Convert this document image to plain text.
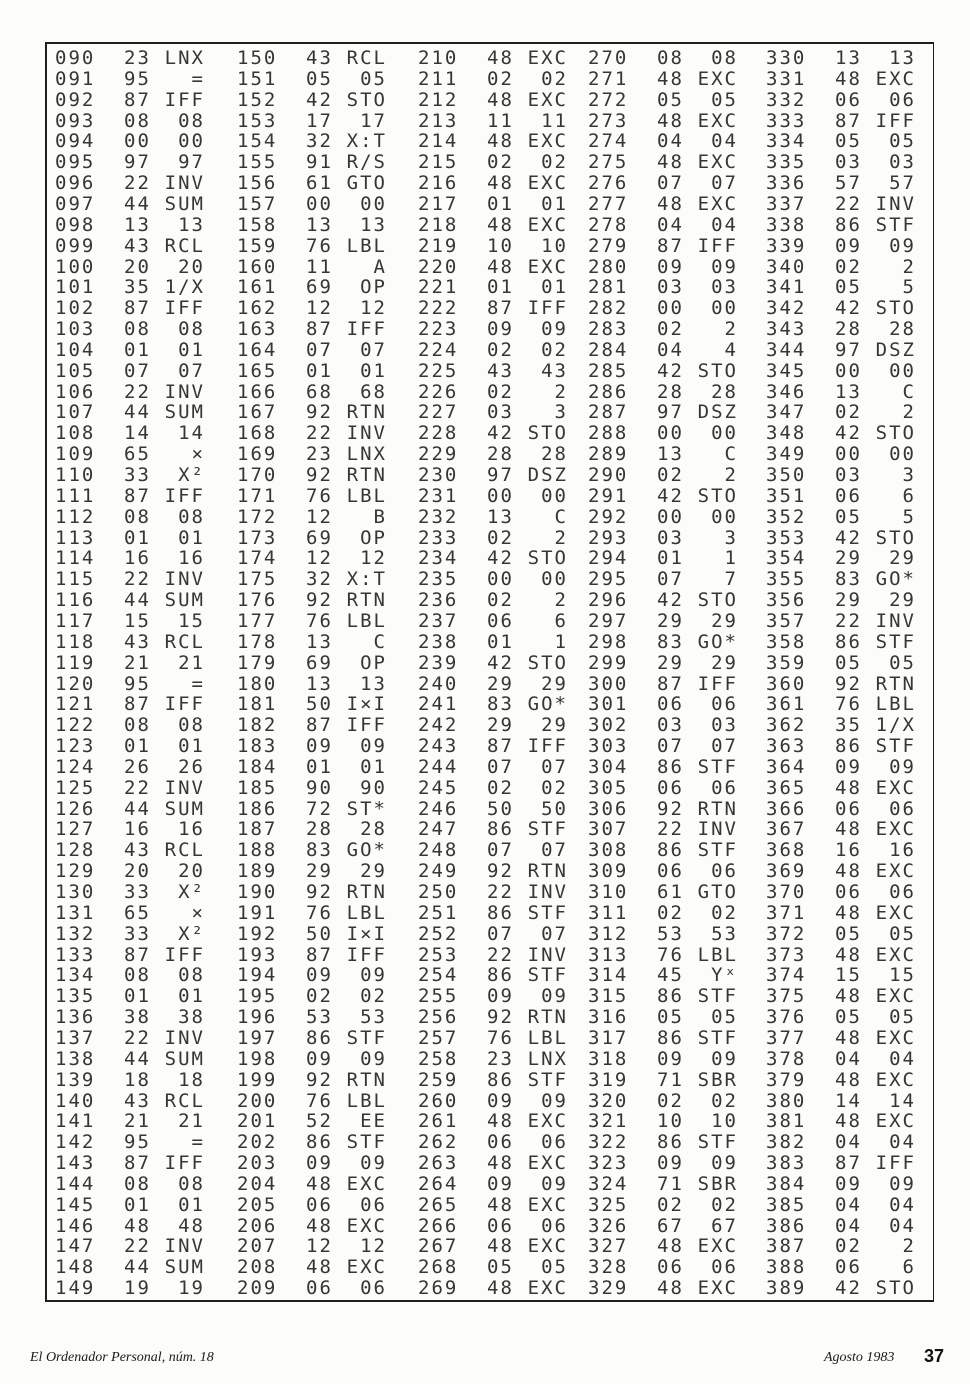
090 23 LNX
091 95	=
092 87 IFF
093 08	08
094 00	00
095 97	97
096 22 INV
097 44 SUM
098 13	13
099 43 RCL
100 20	20
101 35 1/X
102 87 IFF
103 08	08
104 01	01
105 07	07
106 22 INV
107 44 SUM
108 14	14
109 65	×
110 33	X²
111 87 IFF
112 08	08
113 01	01
114 16	16
115 22 INV
116 44 SUM
117 15	15
118 43 RCL
119 21	21
120 95	=
121 87 IFF
122 08	08
123 01	01
124 26	26
125 22 INV
126 44 SUM
127 16	16
128 43 RCL
129 20	20
130 33	X²
131 65	×
132 33	X²
133 87 IFF
134 08	08
135 01	01
136 38	38
137 22 INV
138 44 SUM
139 18	18
140 43 RCL
141 21	21
142 95	=
143 87 IFF
144 08	08
145 01	01
146 48	48
147 22 INV
148 44 SUM
149 19	19
150 43 RCL
151 05	05
152 42 STO
153 17	17
154 32 X:T
155 91 R/S
156 61 GTO
157 00	00
158 13	13
159 76 LBL
160 11	A
161 69	OP
162 12	12
163 87 IFF
164 07	07
165 01	01
166 68	68
167 92 RTN
168 22 INV
169 23 LNX
170 92 RTN
171 76 LBL
172 12	B
173 69	OP
174 12	12
175 32 X:T
176 92 RTN
177 76 LBL
178 13	C
179 69	OP
180 13	13
181 50 I×I
182 87 IFF
183 09	09
184 01	01
185 90	90
186 72 ST*
187 28	28
188 83 GO*
189 29	29
190 92 RTN
191 76 LBL
192 50 I×I
193 87 IFF
194 09	09
195 02	02
196 53	53
197 86 STF
198 09	09
199 92 RTN
200 76 LBL
201 52	EE
202 86 STF
203 09	09
204 48 EXC
205 06	06
206 48 EXC
207 12	12
208 48 EXC
209 06	06
210 48 EXC
211 02	02
212 48 EXC
213 11	11
214 48 EXC
215 02	02
216 48 EXC
217 01	01
218 48 EXC
219 10	10
220 48 EXC
221 01	01
222 87 IFF
223 09	09
224 02	02
225 43	43
226 02	2
227 03	3
228 42 STO
229 28	28
230 97 DSZ
231 00	00
232 13	C
233 02	2
234 42 STO
235 00	00
236 02	2
237 06	6
238 01	1
239 42 STO
240 29	29
241 83 GO*
242 29	29
243 87 IFF
244 07	07
245 02	02
246 50	50
247 86 STF
248 07	07
249 92 RTN
250 22 INV
251 86 STF
252 07	07
253 22 INV
254 86 STF
255 09	09
256 92 RTN
257 76 LBL
258 23 LNX
259 86 STF
260 09	09
261 48 EXC
262 06	06
263 48 EXC
264 09	09
265 48 EXC
266 06	06
267 48 EXC
268 05	05
269 48 EXC
270 08	08
271 48 EXC
272 05	05
273 48 EXC
274 04	04
275 48 EXC
276 07	07
277 48 EXC
278 04	04
279 87 IFF
280 09	09
281 03	03
282 00	00
283 02	2
284 04	4
285 42 STO
286 28	28
287 97 DSZ
288 00	00
289 13	C
290 02	2
291 42 STO
292 00	00
293 03	3
294 01	1
295 07	7
296 42 STO
297 29	29
298 83 GO*
299 29	29
300 87 IFF
301 06	06
302 03	03
303 07	07
304 86 STF
305 06	06
306 92 RTN
307 22 INV
308 86 STF
309 06	06
310 61 GTO
311 02	02
312 53	53
313 76 LBL
314 45	Yˣ
315 86 STF
316 05	05
317 86 STF
318 09	09
319 71 SBR
320 02	02
321 10	10
322 86 STF
323 09	09
324 71 SBR
325 02	02
326 67	67
327 48 EXC
328 06	06
329 48 EXC
330 13	13
331 48 EXC
332 06	06
333 87 IFF
334 05	05
335 03	03
336 57	57
337 22 INV
338 86 STF
339 09	09
340 02	2
341 05	5
342 42 STO
343 28	28
344 97 DSZ
345 00	00
346 13	C
347 02	2
348 42 STO
349 00	00
350 03	3
351 06	6
352 05	5
353 42 STO
354 29	29
355 83 GO*
356 29	29
357 22 INV
358 86 STF
359 05	05
360 92 RTN
361 76 LBL
362 35 1/X
363 86 STF
364 09	09
365 48 EXC
366 06	06
367 48 EXC
368 16	16
369 48 EXC
370 06	06
371 48 EXC
372 05	05
373 48 EXC
374 15	15
375 48 EXC
376 05	05
377 48 EXC
378 04	04
379 48 EXC
380 14	14
381 48 EXC
382 04	04
383 87 IFF
384 09	09
385 04	04
386 04	04
387 02	2
388 06	6
389 42 STO
El Ordenador Personal, núm. 18	Agosto 1983 37
